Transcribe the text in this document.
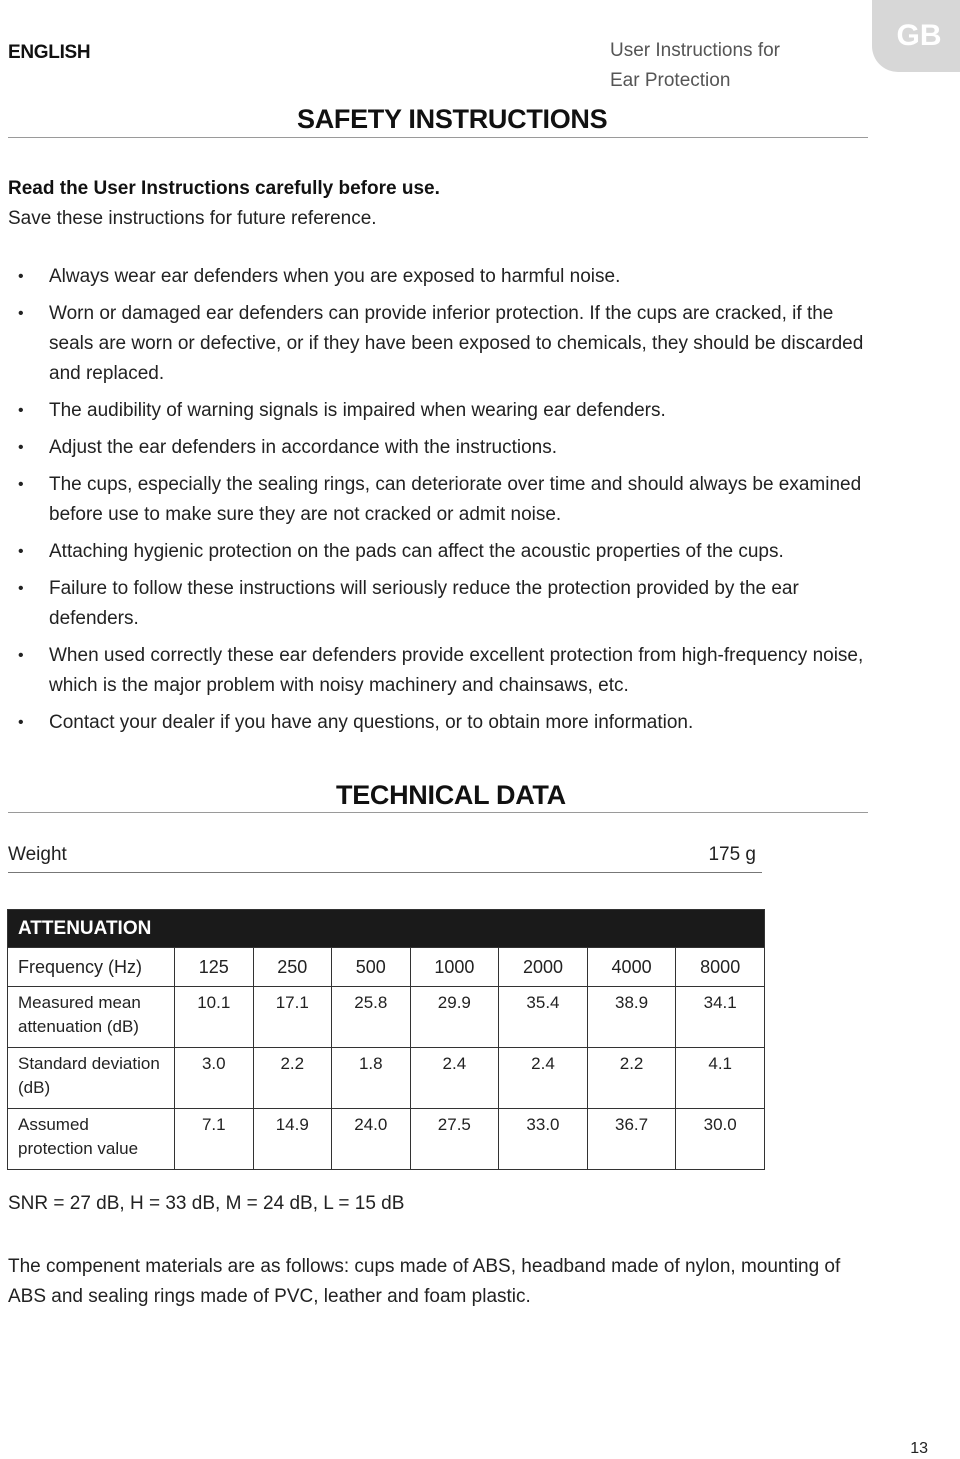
ENGLISH	User Instructions for
Ear Protection
GB
SAFETY INSTRUCTIONS
Read the User Instructions carefully before use.
Save these instructions for future reference.
• Always wear ear defenders when you are exposed to harmful noise.
• Worn or damaged ear defenders can provide inferior protection. If the cups are cracked, if the seals are worn or defective, or if they have been exposed to chemicals, they should be discarded and replaced.
• The audibility of warning signals is impaired when wearing ear defenders.
• Adjust the ear defenders in accordance with the instructions.
• The cups, especially the sealing rings, can deteriorate over time and should always be examined before use to make sure they are not cracked or admit noise.
• Attaching hygienic protection on the pads can affect the acoustic properties of the cups.
• Failure to follow these instructions will seriously reduce the protection provided by the ear defenders.
• When used correctly these ear defenders provide excellent protection from high-frequency noise, which is the major problem with noisy machinery and chainsaws, etc.
• Contact your dealer if you have any questions, or to obtain more information.
TECHNICAL DATA
Weight	175 g
ATTENUATION							
Frequency (Hz)	125	250	500	1000	2000	4000	8000
Measured mean attenuation (dB)	10.1	17.1	25.8	29.9	35.4	38.9	34.1
Standard deviation (dB)	3.0	2.2	1.8	2.4	2.4	2.2	4.1
Assumed protection value	7.1	14.9	24.0	27.5	33.0	36.7	30.0
SNR = 27 dB, H = 33 dB, M = 24 dB, L = 15 dB
The compenent materials are as follows: cups made of ABS, headband made of nylon, mounting of ABS and sealing rings made of PVC, leather and foam plastic.
13
